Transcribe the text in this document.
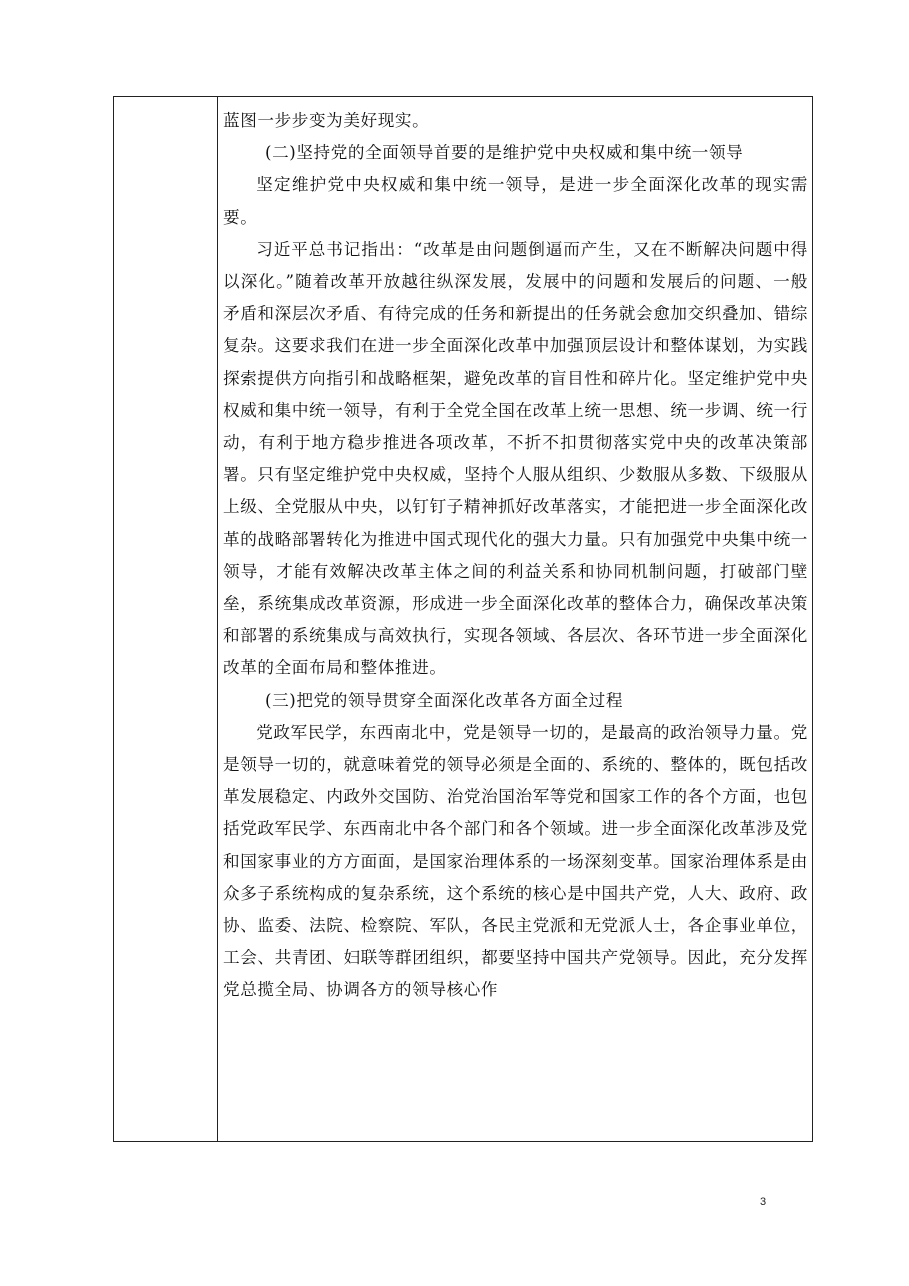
蓝图一步步变为美好现实。

(二)坚持党的全面领导首要的是维护党中央权威和集中统一领导

坚定维护党中央权威和集中统一领导，是进一步全面深化改革的现实需要。

习近平总书记指出：“改革是由问题倒逼而产生，又在不断解决问题中得以深化。”随着改革开放越往纵深发展，发展中的问题和发展后的问题、一般矛盾和深层次矛盾、有待完成的任务和新提出的任务就会愈加交织叠加、错综复杂。这要求我们在进一步全面深化改革中加强顶层设计和整体谋划，为实践探索提供方向指引和战略框架，避免改革的盲目性和碎片化。坚定维护党中央权威和集中统一领导，有利于全党全国在改革上统一思想、统一步调、统一行动，有利于地方稳步推进各项改革，不折不扣贯彻落实党中央的改革决策部署。只有坚定维护党中央权威，坚持个人服从组织、少数服从多数、下级服从上级、全党服从中央，以钉钉子精神抓好改革落实，才能把进一步全面深化改革的战略部署转化为推进中国式现代化的强大力量。只有加强党中央集中统一领导，才能有效解决改革主体之间的利益关系和协同机制问题，打破部门壁垒，系统集成改革资源，形成进一步全面深化改革的整体合力，确保改革决策和部署的系统集成与高效执行，实现各领域、各层次、各环节进一步全面深化改革的全面布局和整体推进。

(三)把党的领导贯穿全面深化改革各方面全过程

党政军民学，东西南北中，党是领导一切的，是最高的政治领导力量。党是领导一切的，就意味着党的领导必须是全面的、系统的、整体的，既包括改革发展稳定、内政外交国防、治党治国治军等党和国家工作的各个方面，也包括党政军民学、东西南北中各个部门和各个领域。进一步全面深化改革涉及党和国家事业的方方面面，是国家治理体系的一场深刻变革。国家治理体系是由众多子系统构成的复杂系统，这个系统的核心是中国共产党，人大、政府、政协、监委、法院、检察院、军队，各民主党派和无党派人士，各企事业单位，工会、共青团、妇联等群团组织，都要坚持中国共产党领导。因此，充分发挥党总揽全局、协调各方的领导核心作

3
